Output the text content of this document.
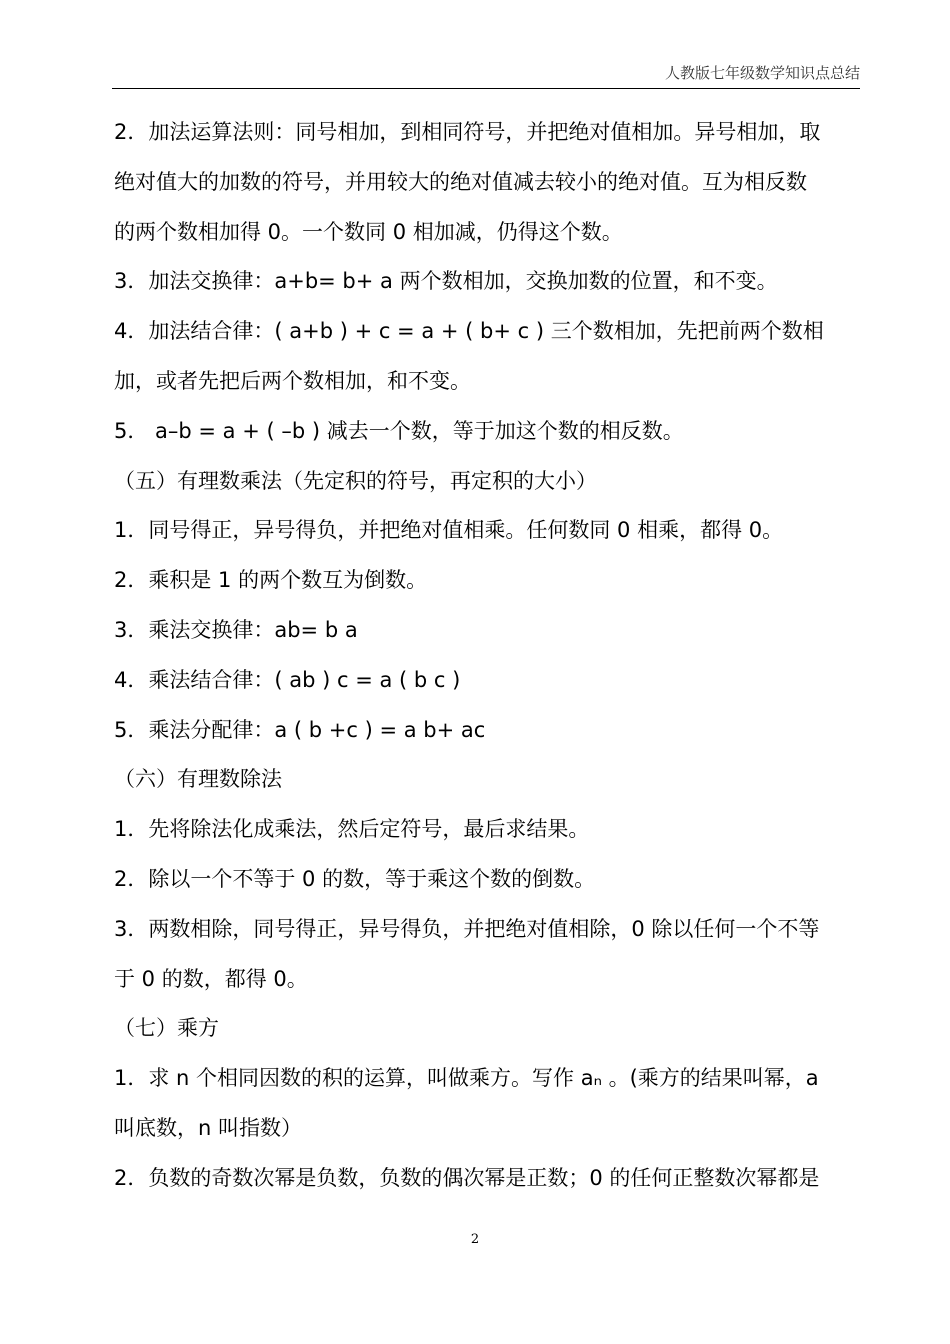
人教版七年级数学知识点总结
2．加法运算法则：同号相加，到相同符号，并把绝对值相加。异号相加，取
绝对值大的加数的符号，并用较大的绝对值减去较小的绝对值。互为相反数
的两个数相加得 0。一个数同 0 相加减，仍得这个数。
3．加法交换律：a+b= b+ a 两个数相加，交换加数的位置，和不变。
4．加法结合律：( a+b ) + c = a + ( b+ c ) 三个数相加，先把前两个数相
加，或者先把后两个数相加，和不变。
5． a–b = a + ( –b ) 减去一个数，等于加这个数的相反数。
（五）有理数乘法（先定积的符号，再定积的大小）
1．同号得正，异号得负，并把绝对值相乘。任何数同 0 相乘，都得 0。
2．乘积是 1 的两个数互为倒数。
3．乘法交换律：ab= b a
4．乘法结合律：( ab ) c = a ( b c )
5．乘法分配律：a ( b +c ) = a b+ ac
（六）有理数除法
1．先将除法化成乘法，然后定符号，最后求结果。
2．除以一个不等于 0 的数，等于乘这个数的倒数。
3．两数相除，同号得正，异号得负，并把绝对值相除，0 除以任何一个不等
于 0 的数，都得 0。
（七）乘方
1．求 n 个相同因数的积的运算，叫做乘方。写作 aₙ 。(乘方的结果叫幂，a
叫底数，n 叫指数）
2．负数的奇数次幂是负数，负数的偶次幂是正数；0 的任何正整数次幂都是
2
